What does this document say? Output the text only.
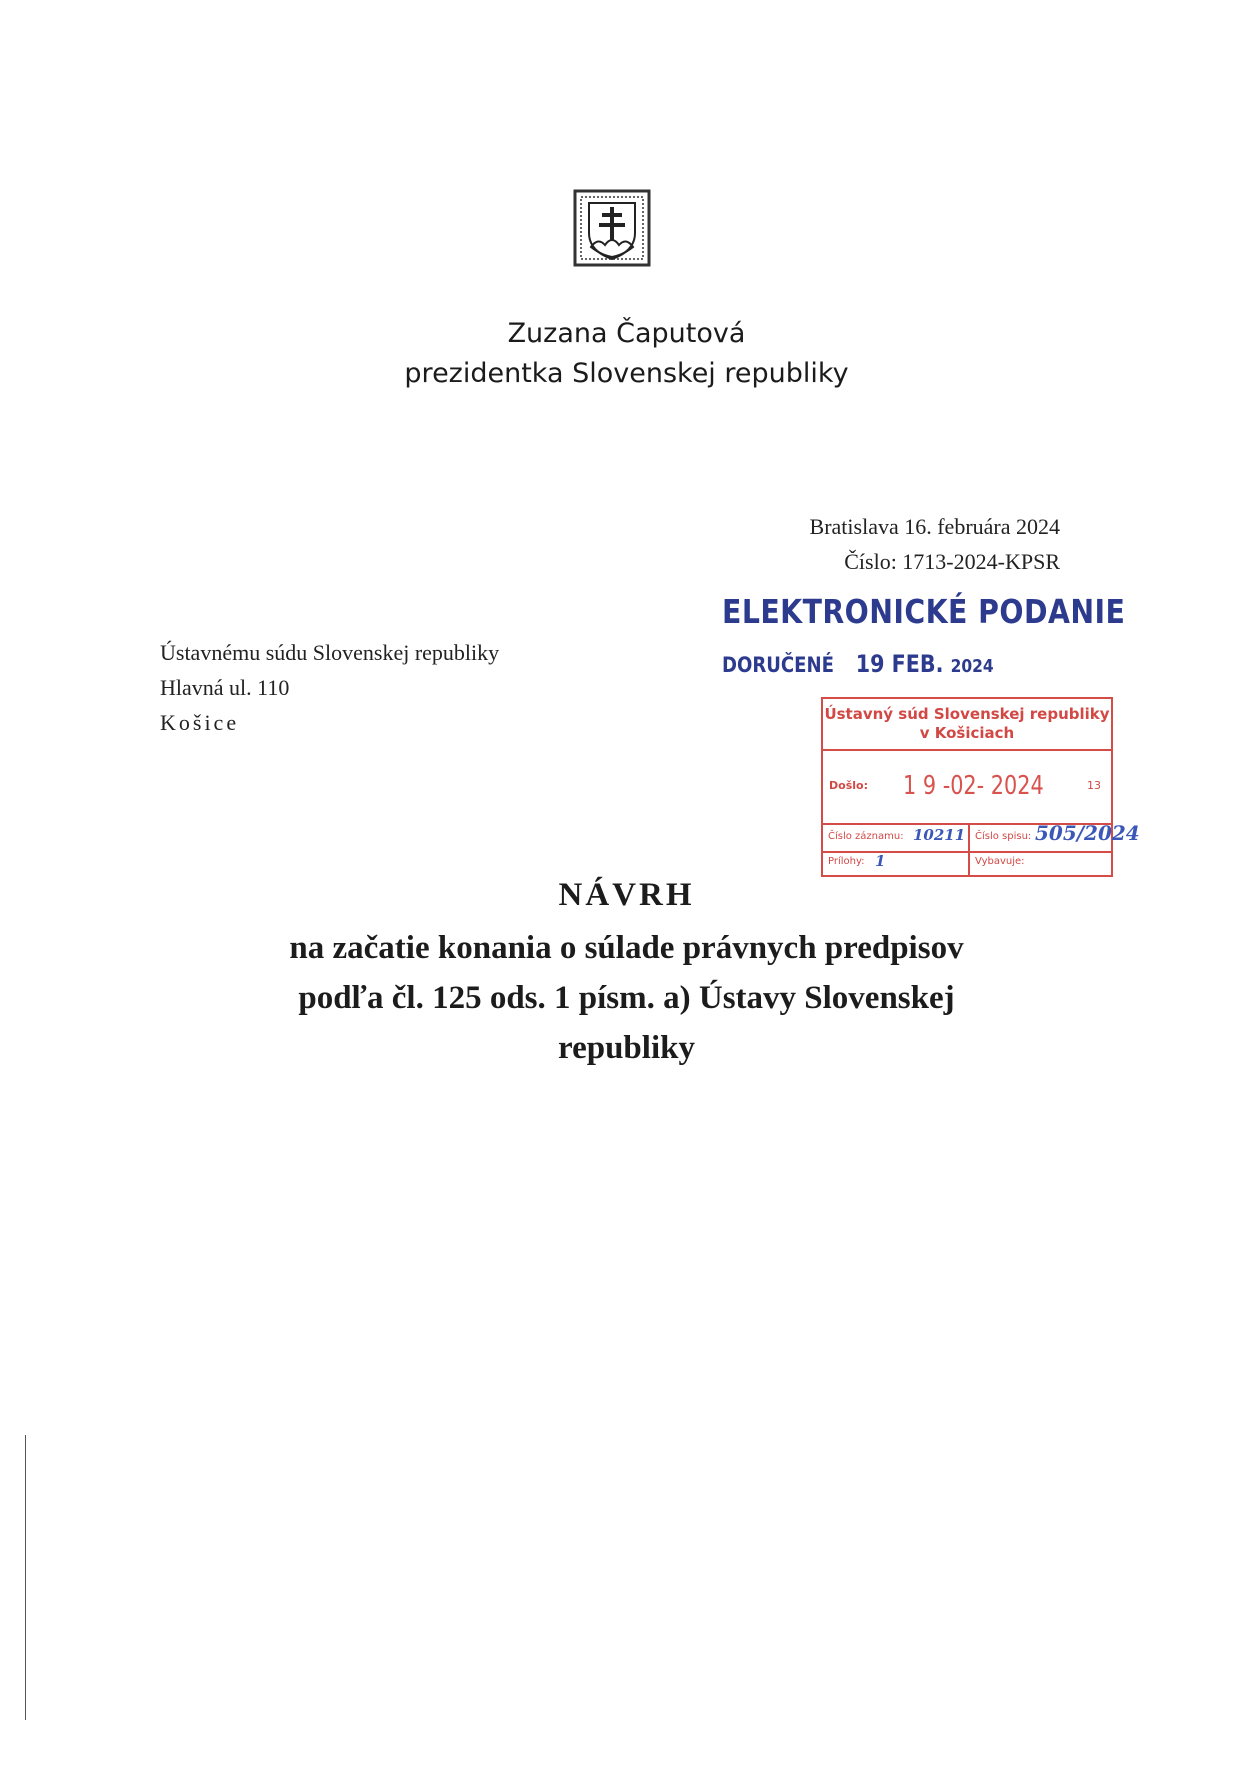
Zuzana Čaputová
prezidentka Slovenskej republiky
Bratislava 16. februára 2024
Číslo: 1713-2024-KPSR
ELEKTRONICKÉ PODANIE
DORUČENÉ 19 FEB. 2024
Ústavnému súdu Slovenskej republiky
Hlavná ul. 110
Košice	Ústavný súd Slovenskej republiky
v Košiciach
Došlo: 1 9 -02- 2024	13
Číslo záznamu: 10211 Číslo spisu: 505/2024
Prílohy: 1	Vybavuje:
NÁVRH
na začatie konania o súlade právnych predpisov
podľa čl. 125 ods. 1 písm. a) Ústavy Slovenskej
republiky
